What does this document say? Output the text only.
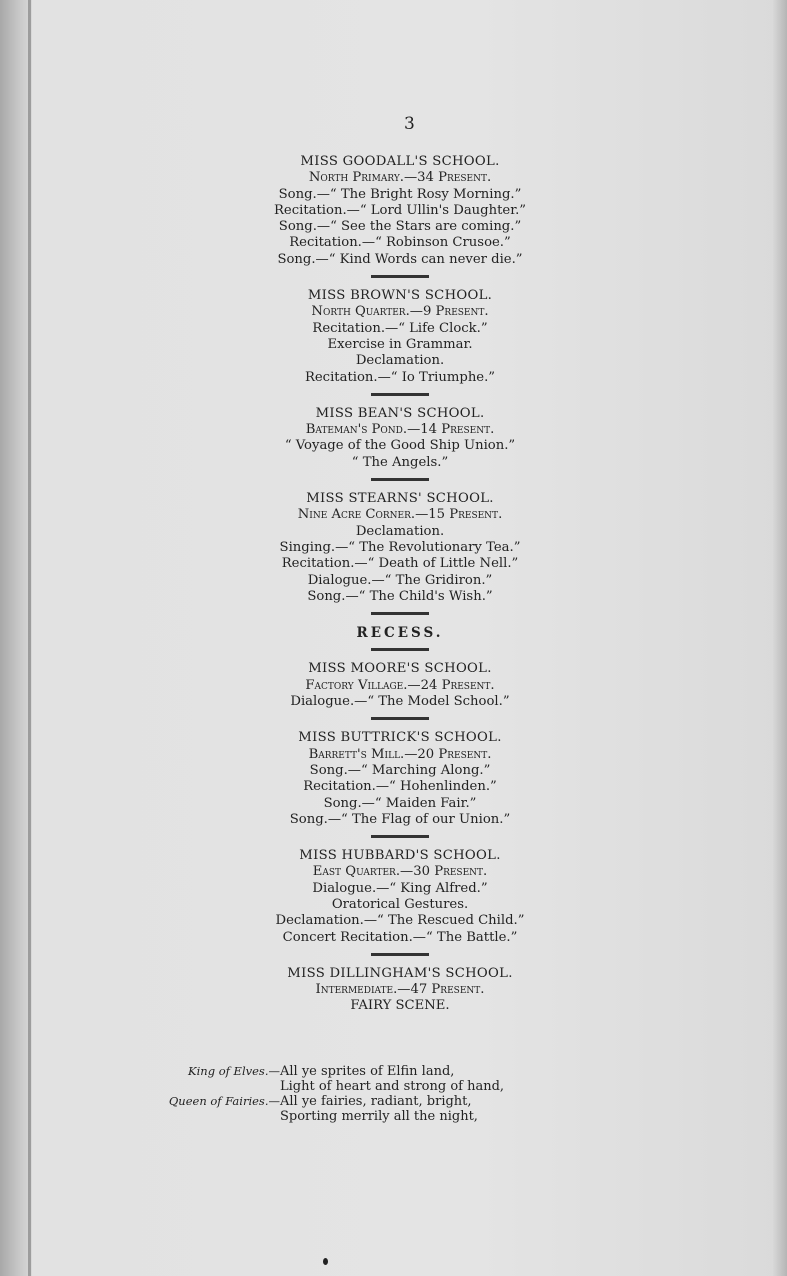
3
MISS GOODALL'S SCHOOL.
North Primary.—34 Present.
Song.—“ The Bright Rosy Morning.”
Recitation.—“ Lord Ullin's Daughter.”
Song.—“ See the Stars are coming.”
Recitation.—“ Robinson Crusoe.”
Song.—“ Kind Words can never die.”
MISS BROWN'S SCHOOL.
North Quarter.—9 Present.
Recitation.—“ Life Clock.”
Exercise in Grammar.
Declamation.
Recitation.—“ Io Triumphe.”
MISS BEAN'S SCHOOL.
Bateman's Pond.—14 Present.
“ Voyage of the Good Ship Union.”
“ The Angels.”
MISS STEARNS' SCHOOL.
Nine Acre Corner.—15 Present.
Declamation.
Singing.—“ The Revolutionary Tea.”
Recitation.—“ Death of Little Nell.”
Dialogue.—“ The Gridiron.”
Song.—“ The Child's Wish.”
RECESS.
MISS MOORE'S SCHOOL.
Factory Village.—24 Present.
Dialogue.—“ The Model School.”
MISS BUTTRICK'S SCHOOL.
Barrett's Mill.—20 Present.
Song.—“ Marching Along.”
Recitation.—“ Hohenlinden.”
Song.—“ Maiden Fair.”
Song.—“ The Flag of our Union.”
MISS HUBBARD'S SCHOOL.
East Quarter.—30 Present.
Dialogue.—“ King Alfred.”
Oratorical Gestures.
Declamation.—“ The Rescued Child.”
Concert Recitation.—“ The Battle.”
MISS DILLINGHAM'S SCHOOL.
Intermediate.—47 Present.
FAIRY SCENE.
King of Elves.— All ye sprites of Elfin land,
Light of heart and strong of hand,
Queen of Fairies.— All ye fairies, radiant, bright,
Sporting merrily all the night,
